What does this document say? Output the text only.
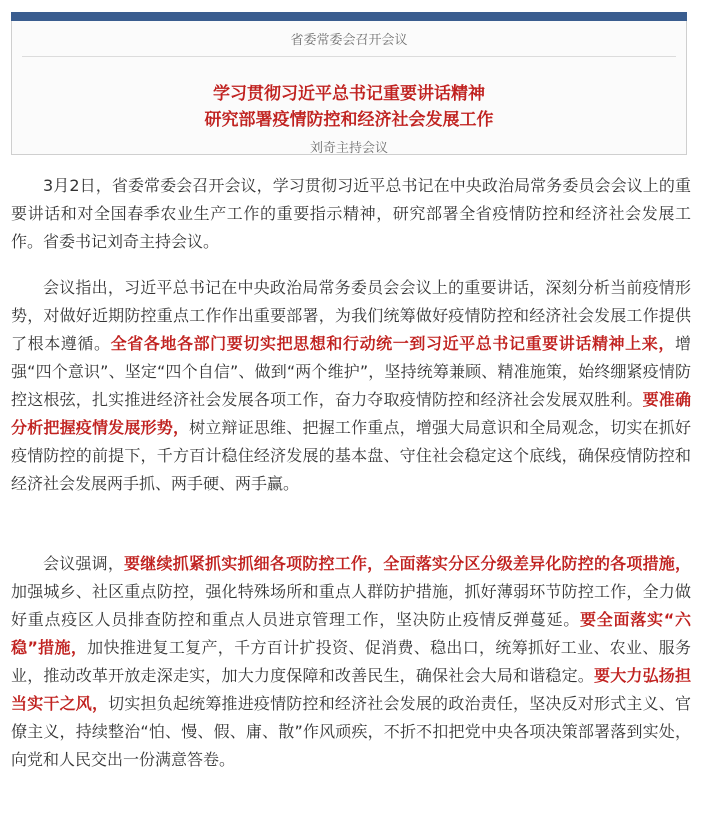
省委常委会召开会议
学习贯彻习近平总书记重要讲话精神
研究部署疫情防控和经济社会发展工作
刘奇主持会议

3月2日，省委常委会召开会议，学习贯彻习近平总书记在中央政治局常务委员会会议上的重要讲话和对全国春季农业生产工作的重要指示精神，研究部署全省疫情防控和经济社会发展工作。省委书记刘奇主持会议。

会议指出，习近平总书记在中央政治局常务委员会会议上的重要讲话，深刻分析当前疫情形势，对做好近期防控重点工作作出重要部署，为我们统筹做好疫情防控和经济社会发展工作提供了根本遵循。全省各地各部门要切实把思想和行动统一到习近平总书记重要讲话精神上来，增强“四个意识”、坚定“四个自信”、做到“两个维护”，坚持统筹兼顾、精准施策，始终绷紧疫情防控这根弦，扎实推进经济社会发展各项工作，奋力夺取疫情防控和经济社会发展双胜利。要准确分析把握疫情发展形势，树立辩证思维、把握工作重点，增强大局意识和全局观念，切实在抓好疫情防控的前提下，千方百计稳住经济发展的基本盘、守住社会稳定这个底线，确保疫情防控和经济社会发展两手抓、两手硬、两手赢。

会议强调，要继续抓紧抓实抓细各项防控工作，全面落实分区分级差异化防控的各项措施，加强城乡、社区重点防控，强化特殊场所和重点人群防护措施，抓好薄弱环节防控工作，全力做好重点疫区人员排查防控和重点人员进京管理工作，坚决防止疫情反弹蔓延。要全面落实“六稳”措施，加快推进复工复产，千方百计扩投资、促消费、稳出口，统筹抓好工业、农业、服务业，推动改革开放走深走实，加大力度保障和改善民生，确保社会大局和谐稳定。要大力弘扬担当实干之风，切实担负起统筹推进疫情防控和经济社会发展的政治责任，坚决反对形式主义、官僚主义，持续整治“怕、慢、假、庸、散”作风顽疾，不折不扣把党中央各项决策部署落到实处，向党和人民交出一份满意答卷。
